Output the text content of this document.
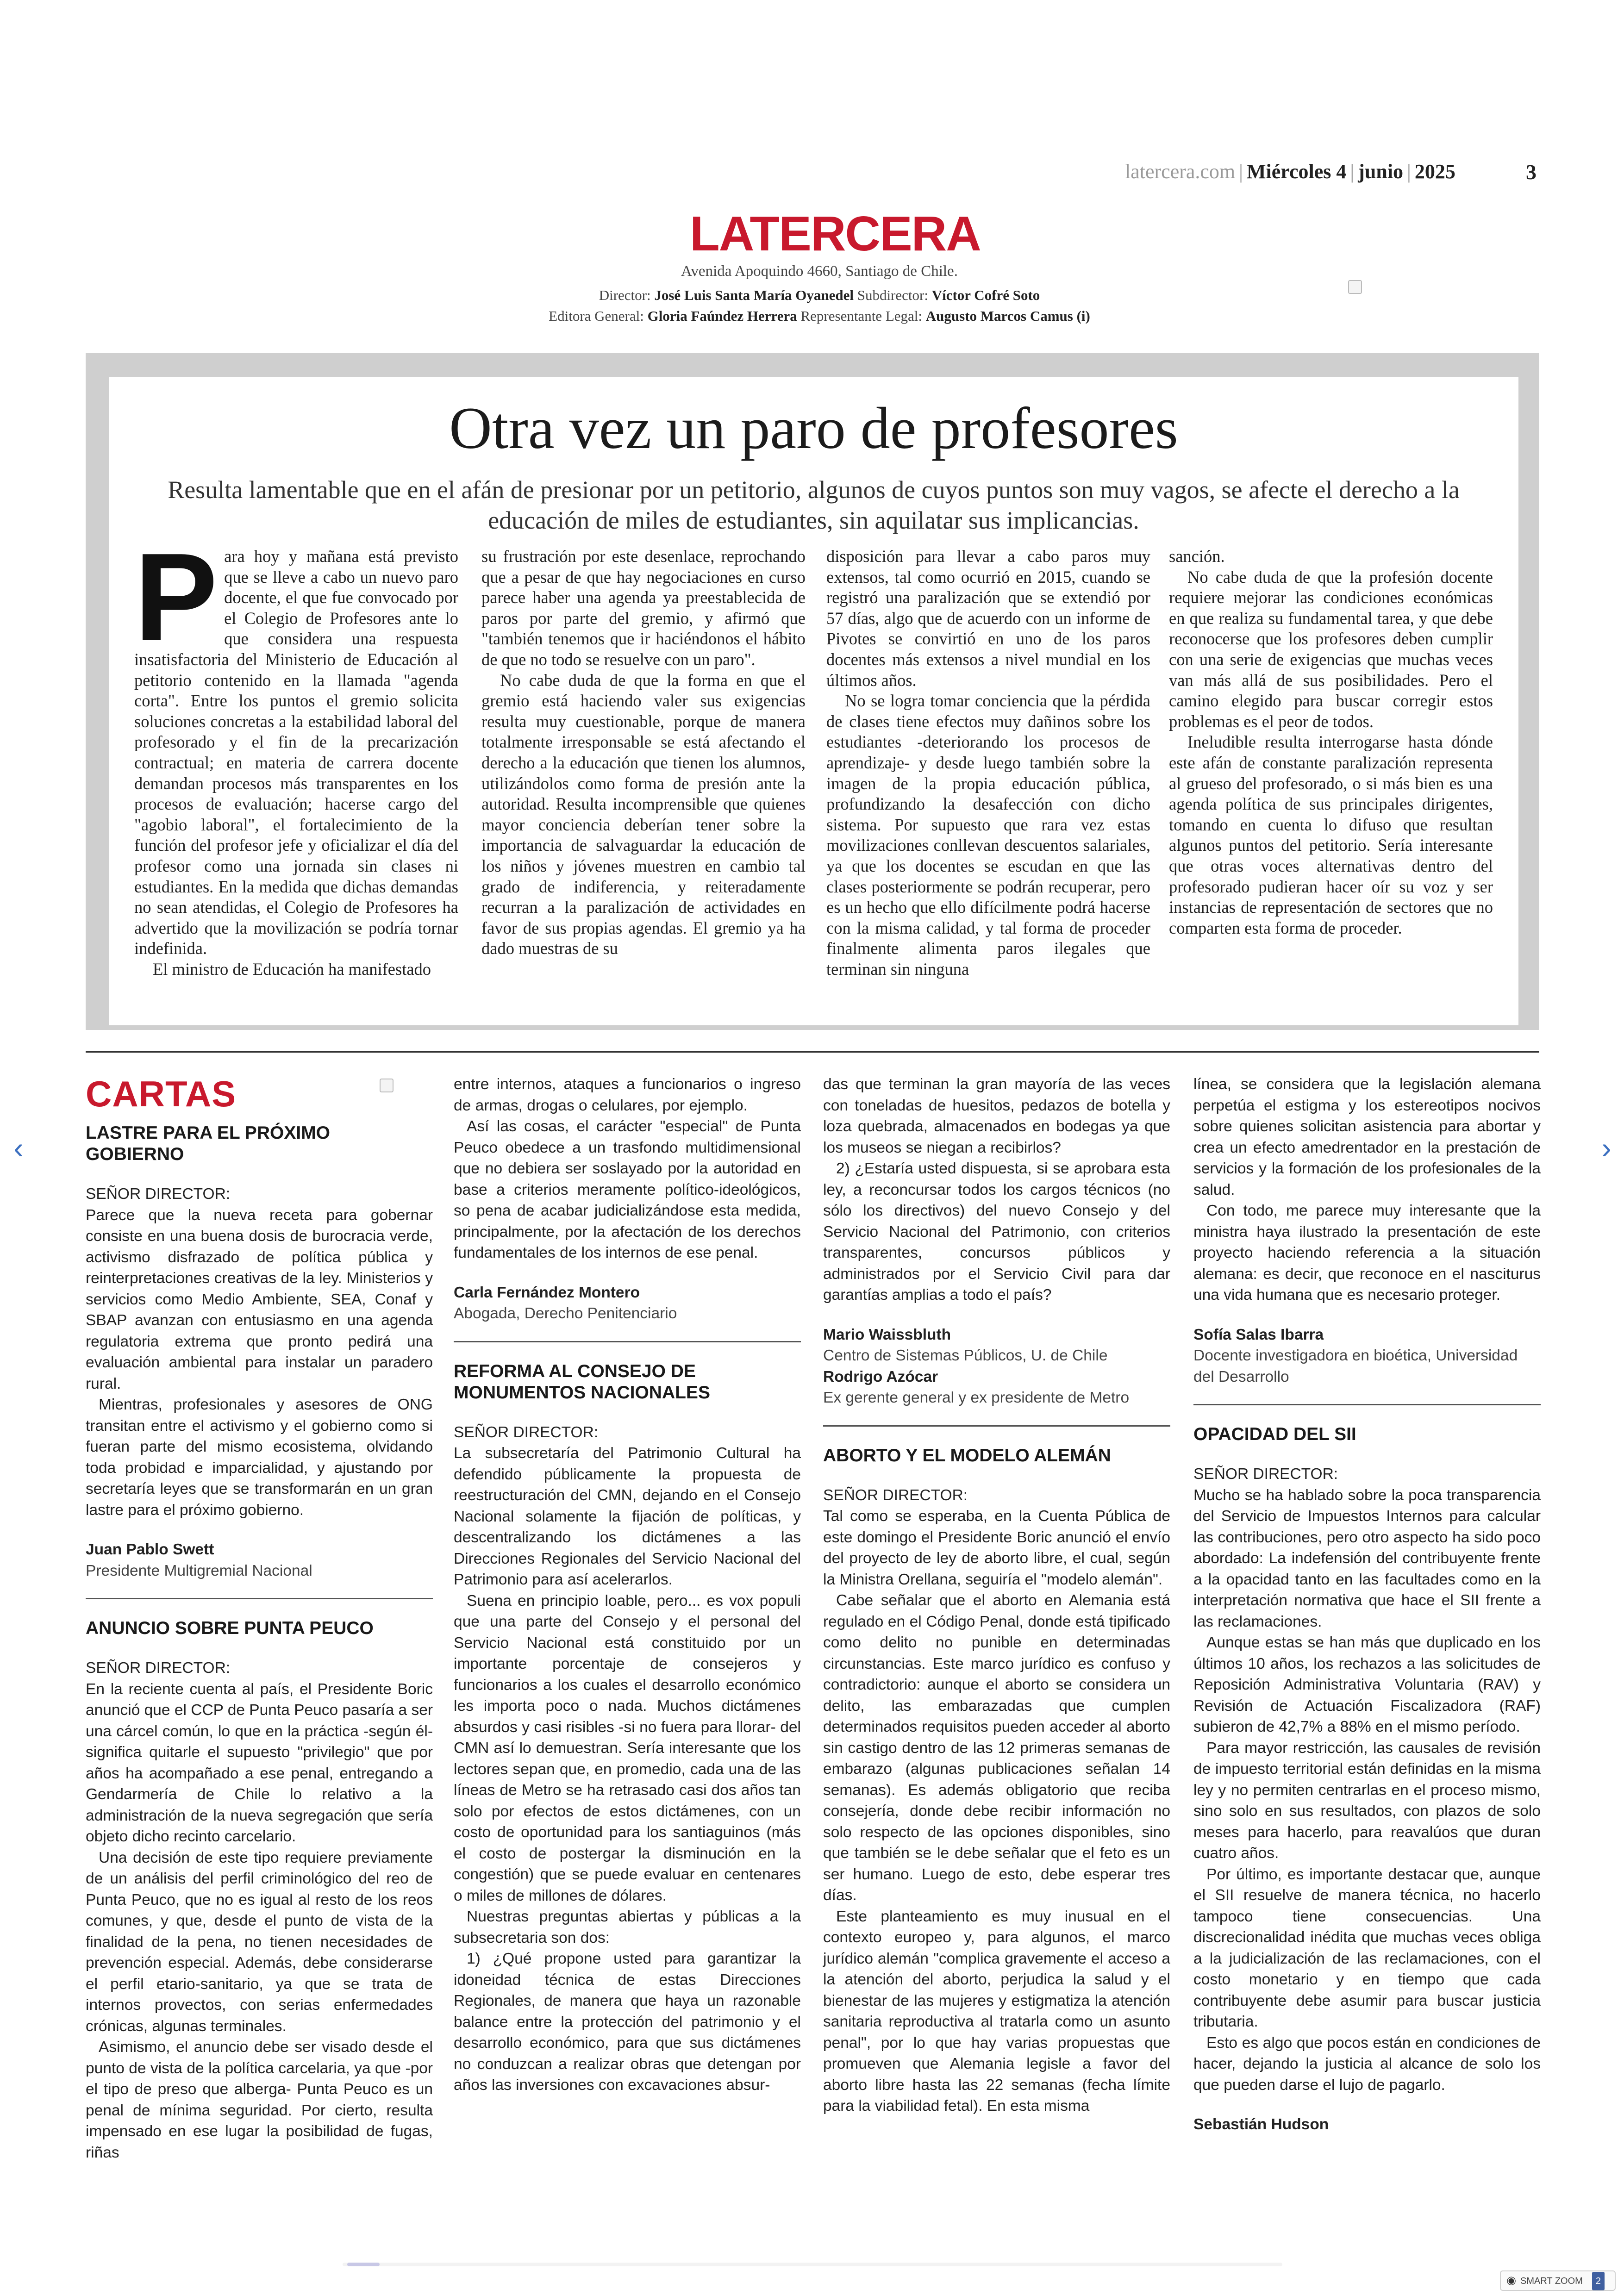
latercera.com | Miércoles 4 | junio | 2025	3
LATERCERA
Avenida Apoquindo 4660, Santiago de Chile.
Director: José Luis Santa María Oyanedel Subdirector: Víctor Cofré Soto
Editora General: Gloria Faúndez Herrera Representante Legal: Augusto Marcos Camus (i)
Otra vez un paro de profesores
Resulta lamentable que en el afán de presionar por un petitorio, algunos de cuyos puntos son muy vagos, se afecte el derecho a la educación de miles de estudiantes, sin aquilatar sus implicancias.
P ara hoy y mañana está previsto que se lleve a cabo un nuevo paro docente, el que fue convocado por el Colegio de Profesores ante lo que considera una respuesta insatisfactoria del Ministerio de Educación al petitorio contenido en la llamada "agenda corta". Entre los puntos el gremio solicita soluciones concretas a la estabilidad laboral del profesorado y el fin de la precarización contractual; en materia de carrera docente demandan procesos más transparentes en los procesos de evaluación; hacerse cargo del "agobio laboral", el fortalecimiento de la función del profesor jefe y oficializar el día del profesor como una jornada sin clases ni estudiantes. En la medida que dichas demandas no sean atendidas, el Colegio de Profesores ha advertido que la movilización se podría tornar indefinida.

El ministro de Educación ha manifestado

su frustración por este desenlace, reprochando que a pesar de que hay negociaciones en curso parece haber una agenda ya preestablecida de paros por parte del gremio, y afirmó que "también tenemos que ir haciéndonos el hábito de que no todo se resuelve con un paro".

No cabe duda de que la forma en que el gremio está haciendo valer sus exigencias resulta muy cuestionable, porque de manera totalmente irresponsable se está afectando el derecho a la educación que tienen los alumnos, utilizándolos como forma de presión ante la autoridad. Resulta incomprensible que quienes mayor conciencia deberían tener sobre la importancia de salvaguardar la educación de los niños y jóvenes muestren en cambio tal grado de indiferencia, y reiteradamente recurran a la paralización de actividades en favor de sus propias agendas. El gremio ya ha dado muestras de su

disposición para llevar a cabo paros muy extensos, tal como ocurrió en 2015, cuando se registró una paralización que se extendió por 57 días, algo que de acuerdo con un informe de Pivotes se convirtió en uno de los paros docentes más extensos a nivel mundial en los últimos años.

No se logra tomar conciencia que la pérdida de clases tiene efectos muy dañinos sobre los estudiantes -deteriorando los procesos de aprendizaje- y desde luego también sobre la imagen de la propia educación pública, profundizando la desafección con dicho sistema. Por supuesto que rara vez estas movilizaciones conllevan descuentos salariales, ya que los docentes se escudan en que las clases posteriormente se podrán recuperar, pero es un hecho que ello difícilmente podrá hacerse con la misma calidad, y tal forma de proceder finalmente alimenta paros ilegales que terminan sin ninguna

sanción.

No cabe duda de que la profesión docente requiere mejorar las condiciones económicas en que realiza su fundamental tarea, y que debe reconocerse que los profesores deben cumplir con una serie de exigencias que muchas veces van más allá de sus posibilidades. Pero el camino elegido para buscar corregir estos problemas es el peor de todos.

Ineludible resulta interrogarse hasta dónde este afán de constante paralización representa al grueso del profesorado, o si más bien es una agenda política de sus principales dirigentes, tomando en cuenta lo difuso que resultan algunos puntos del petitorio. Sería interesante que otras voces alternativas dentro del profesorado pudieran hacer oír su voz y ser instancias de representación de sectores que no comparten esta forma de proceder.

CARTAS
LASTRE PARA EL PRÓXIMO GOBIERNO
SEÑOR DIRECTOR:

Parece que la nueva receta para gobernar consiste en una buena dosis de burocracia verde, activismo disfrazado de política pública y reinterpretaciones creativas de la ley. Ministerios y servicios como Medio Ambiente, SEA, Conaf y SBAP avanzan con entusiasmo en una agenda regulatoria extrema que pronto pedirá una evaluación ambiental para instalar un paradero rural.

Mientras, profesionales y asesores de ONG transitan entre el activismo y el gobierno como si fueran parte del mismo ecosistema, olvidando toda probidad e imparcialidad, y ajustando por secretaría leyes que se transformarán en un gran lastre para el próximo gobierno.

Juan Pablo Swett
Presidente Multigremial Nacional
ANUNCIO SOBRE PUNTA PEUCO
SEÑOR DIRECTOR:

En la reciente cuenta al país, el Presidente Boric anunció que el CCP de Punta Peuco pasaría a ser una cárcel común, lo que en la práctica -según él- significa quitarle el supuesto "privilegio" que por años ha acompañado a ese penal, entregando a Gendarmería de Chile lo relativo a la administración de la nueva segregación que sería objeto dicho recinto carcelario.

Una decisión de este tipo requiere previamente de un análisis del perfil criminológico del reo de Punta Peuco, que no es igual al resto de los reos comunes, y que, desde el punto de vista de la finalidad de la pena, no tienen necesidades de prevención especial. Además, debe considerarse el perfil etario-sanitario, ya que se trata de internos provectos, con serias enfermedades crónicas, algunas terminales.

Asimismo, el anuncio debe ser visado desde el punto de vista de la política carcelaria, ya que -por el tipo de preso que alberga- Punta Peuco es un penal de mínima seguridad. Por cierto, resulta impensado en ese lugar la posibilidad de fugas, riñas

entre internos, ataques a funcionarios o ingreso de armas, drogas o celulares, por ejemplo.

Así las cosas, el carácter "especial" de Punta Peuco obedece a un trasfondo multidimensional que no debiera ser soslayado por la autoridad en base a criterios meramente político-ideológicos, so pena de acabar judicializándose esta medida, principalmente, por la afectación de los derechos fundamentales de los internos de ese penal.

Carla Fernández Montero
Abogada, Derecho Penitenciario
REFORMA AL CONSEJO DE MONUMENTOS NACIONALES
SEÑOR DIRECTOR:

La subsecretaría del Patrimonio Cultural ha defendido públicamente la propuesta de reestructuración del CMN, dejando en el Consejo Nacional solamente la fijación de políticas, y descentralizando los dictámenes a las Direcciones Regionales del Servicio Nacional del Patrimonio para así acelerarlos.

Suena en principio loable, pero... es vox populi que una parte del Consejo y el personal del Servicio Nacional está constituido por un importante porcentaje de consejeros y funcionarios a los cuales el desarrollo económico les importa poco o nada. Muchos dictámenes absurdos y casi risibles -si no fuera para llorar- del CMN así lo demuestran. Sería interesante que los lectores sepan que, en promedio, cada una de las líneas de Metro se ha retrasado casi dos años tan solo por efectos de estos dictámenes, con un costo de oportunidad para los santiaguinos (más el costo de postergar la disminución en la congestión) que se puede evaluar en centenares o miles de millones de dólares.

Nuestras preguntas abiertas y públicas a la subsecretaria son dos:

1) ¿Qué propone usted para garantizar la idoneidad técnica de estas Direcciones Regionales, de manera que haya un razonable balance entre la protección del patrimonio y el desarrollo económico, para que sus dictámenes no conduzcan a realizar obras que detengan por años las inversiones con excavaciones absur-

das que terminan la gran mayoría de las veces con toneladas de huesitos, pedazos de botella y loza quebrada, almacenados en bodegas ya que los museos se niegan a recibirlos?

2) ¿Estaría usted dispuesta, si se aprobara esta ley, a reconcursar todos los cargos técnicos (no sólo los directivos) del nuevo Consejo y del Servicio Nacional del Patrimonio, con criterios transparentes, concursos públicos y administrados por el Servicio Civil para dar garantías amplias a todo el país?

Mario Waissbluth
Centro de Sistemas Públicos, U. de Chile
Rodrigo Azócar
Ex gerente general y ex presidente de Metro
ABORTO Y EL MODELO ALEMÁN
SEÑOR DIRECTOR:

Tal como se esperaba, en la Cuenta Pública de este domingo el Presidente Boric anunció el envío del proyecto de ley de aborto libre, el cual, según la Ministra Orellana, seguiría el "modelo alemán".

Cabe señalar que el aborto en Alemania está regulado en el Código Penal, donde está tipificado como delito no punible en determinadas circunstancias. Este marco jurídico es confuso y contradictorio: aunque el aborto se considera un delito, las embarazadas que cumplen determinados requisitos pueden acceder al aborto sin castigo dentro de las 12 primeras semanas de embarazo (algunas publicaciones señalan 14 semanas). Es además obligatorio que reciba consejería, donde debe recibir información no solo respecto de las opciones disponibles, sino que también se le debe señalar que el feto es un ser humano. Luego de esto, debe esperar tres días.

Este planteamiento es muy inusual en el contexto europeo y, para algunos, el marco jurídico alemán "complica gravemente el acceso a la atención del aborto, perjudica la salud y el bienestar de las mujeres y estigmatiza la atención sanitaria reproductiva al tratarla como un asunto penal", por lo que hay varias propuestas que promueven que Alemania legisle a favor del aborto libre hasta las 22 semanas (fecha límite para la viabilidad fetal). En esta misma

línea, se considera que la legislación alemana perpetúa el estigma y los estereotipos nocivos sobre quienes solicitan asistencia para abortar y crea un efecto amedrentador en la prestación de servicios y la formación de los profesionales de la salud.

Con todo, me parece muy interesante que la ministra haya ilustrado la presentación de este proyecto haciendo referencia a la situación alemana: es decir, que reconoce en el nasciturus una vida humana que es necesario proteger.

Sofía Salas Ibarra
Docente investigadora en bioética, Universidad del Desarrollo
OPACIDAD DEL SII
SEÑOR DIRECTOR:

Mucho se ha hablado sobre la poca transparencia del Servicio de Impuestos Internos para calcular las contribuciones, pero otro aspecto ha sido poco abordado: La indefensión del contribuyente frente a la opacidad tanto en las facultades como en la interpretación normativa que hace el SII frente a las reclamaciones.

Aunque estas se han más que duplicado en los últimos 10 años, los rechazos a las solicitudes de Reposición Administrativa Voluntaria (RAV) y Revisión de Actuación Fiscalizadora (RAF) subieron de 42,7% a 88% en el mismo período.

Para mayor restricción, las causales de revisión de impuesto territorial están definidas en la misma ley y no permiten centrarlas en el proceso mismo, sino solo en sus resultados, con plazos de solo meses para hacerlo, para reavalúos que duran cuatro años.

Por último, es importante destacar que, aunque el SII resuelve de manera técnica, no hacerlo tampoco tiene consecuencias. Una discrecionalidad inédita que muchas veces obliga a la judicialización de las reclamaciones, con el costo monetario y en tiempo que cada contribuyente debe asumir para buscar justicia tributaria.

Esto es algo que pocos están en condiciones de hacer, dejando la justicia al alcance de solo los que pueden darse el lujo de pagarlo.

Sebastián Hudson
‹	›
◉ SMART ZOOM 2
